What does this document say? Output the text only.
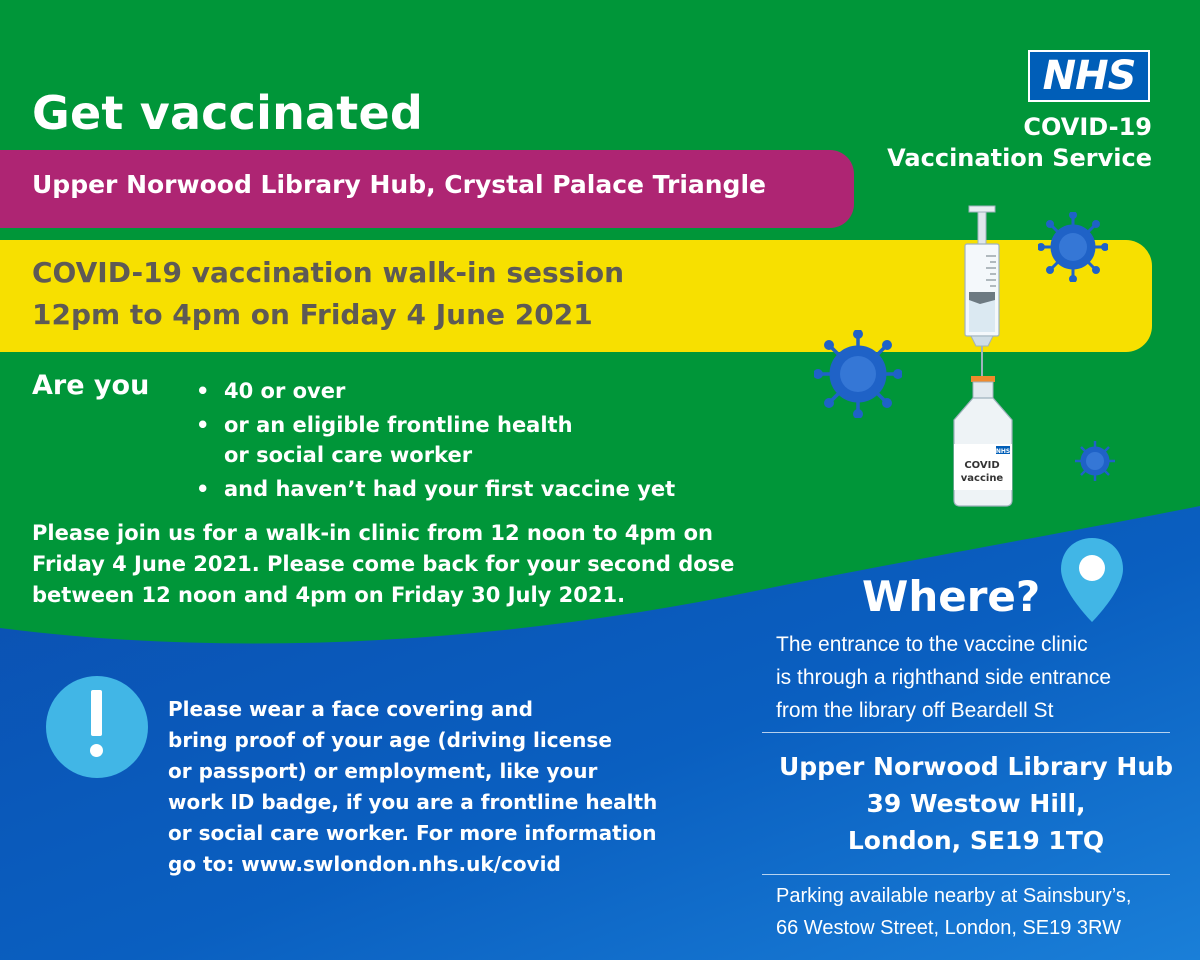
Get vaccinated
NHS
COVID-19
Vaccination Service
Upper Norwood Library Hub, Crystal Palace Triangle
COVID-19 vaccination walk-in session
12pm to 4pm on Friday 4 June 2021
NHS
COVID
vaccine
Are you • 40 or over
• or an eligible frontline health
or social care worker
• and haven’t had your first vaccine yet
Please join us for a walk-in clinic from 12 noon to 4pm on
Friday 4 June 2021. Please come back for your second dose
between 12 noon and 4pm on Friday 30 July 2021.
Please wear a face covering and
bring proof of your age (driving license
or passport) or employment, like your
work ID badge, if you are a frontline health
or social care worker. For more information
go to: www.swlondon.nhs.uk/covid
Where?
The entrance to the vaccine clinic
is through a righthand side entrance
from the library off Beardell St
Upper Norwood Library Hub
39 Westow Hill,
London, SE19 1TQ
Parking available nearby at Sainsbury’s,
66 Westow Street, London, SE19 3RW
